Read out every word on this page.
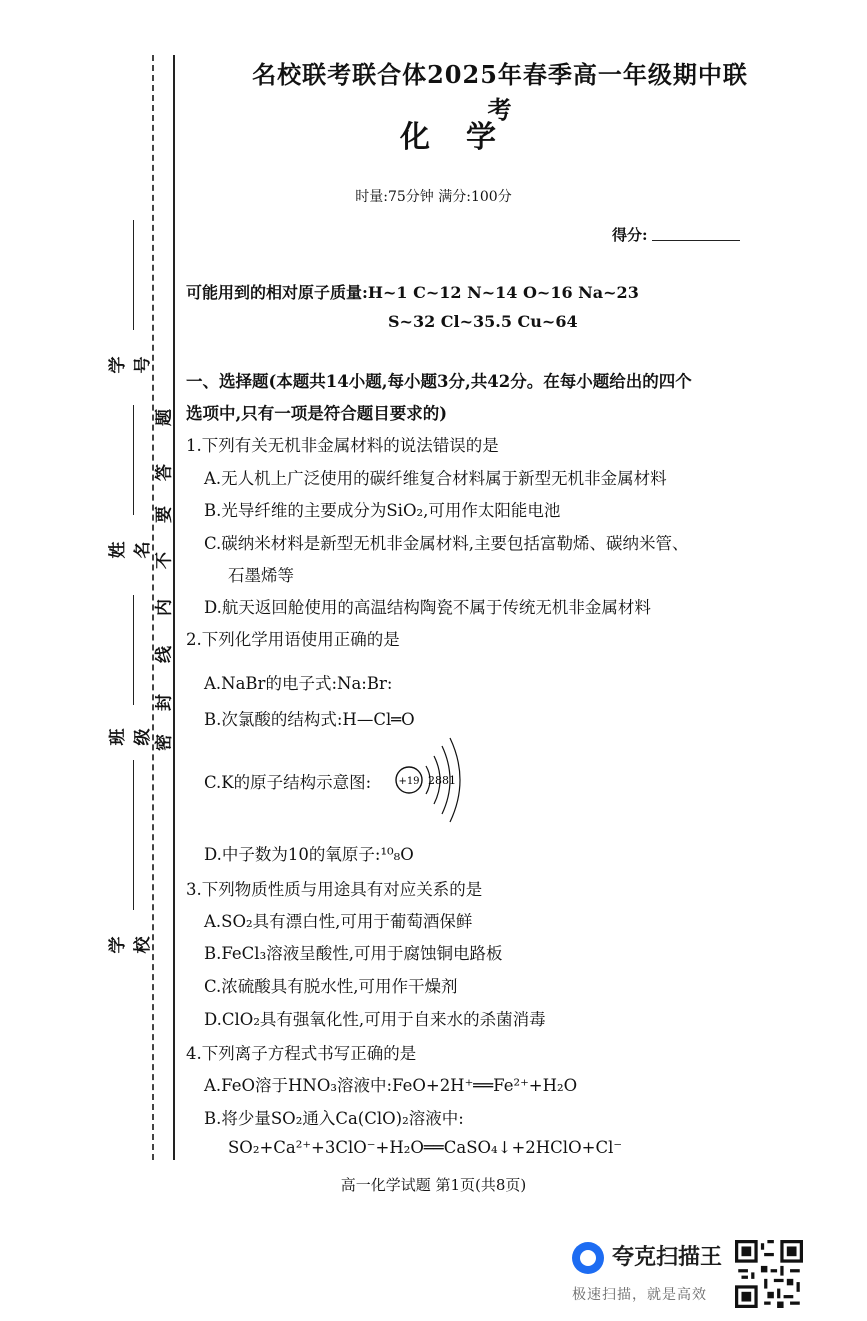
学号
姓名
班级
学校
题
答
要
不
内
线
封
密
名校联考联合体2025年春季高一年级期中联考
化学
时量:75分钟 满分:100分
得分:
可能用到的相对原子质量:H~1 C~12 N~14 O~16 Na~23
S~32 Cl~35.5 Cu~64
一、选择题(本题共14小题,每小题3分,共42分。在每小题给出的四个
选项中,只有一项是符合题目要求的)
1.下列有关无机非金属材料的说法错误的是
A.无人机上广泛使用的碳纤维复合材料属于新型无机非金属材料
B.光导纤维的主要成分为SiO₂,可用作太阳能电池
C.碳纳米材料是新型无机非金属材料,主要包括富勒烯、碳纳米管、
石墨烯等
D.航天返回舱使用的高温结构陶瓷不属于传统无机非金属材料
2.下列化学用语使用正确的是
A.NaBr的电子式:Na:Br:
B.次氯酸的结构式:H—Cl═O
C.K的原子结构示意图:	+19 2881
D.中子数为10的氧原子:¹⁰₈O
3.下列物质性质与用途具有对应关系的是
A.SO₂具有漂白性,可用于葡萄酒保鲜
B.FeCl₃溶液呈酸性,可用于腐蚀铜电路板
C.浓硫酸具有脱水性,可用作干燥剂
D.ClO₂具有强氧化性,可用于自来水的杀菌消毒
4.下列离子方程式书写正确的是
A.FeO溶于HNO₃溶液中:FeO+2H⁺══Fe²⁺+H₂O
B.将少量SO₂通入Ca(ClO)₂溶液中:
SO₂+Ca²⁺+3ClO⁻+H₂O══CaSO₄↓+2HClO+Cl⁻
高一化学试题 第1页(共8页)
夸克扫描王
极速扫描，就是高效
